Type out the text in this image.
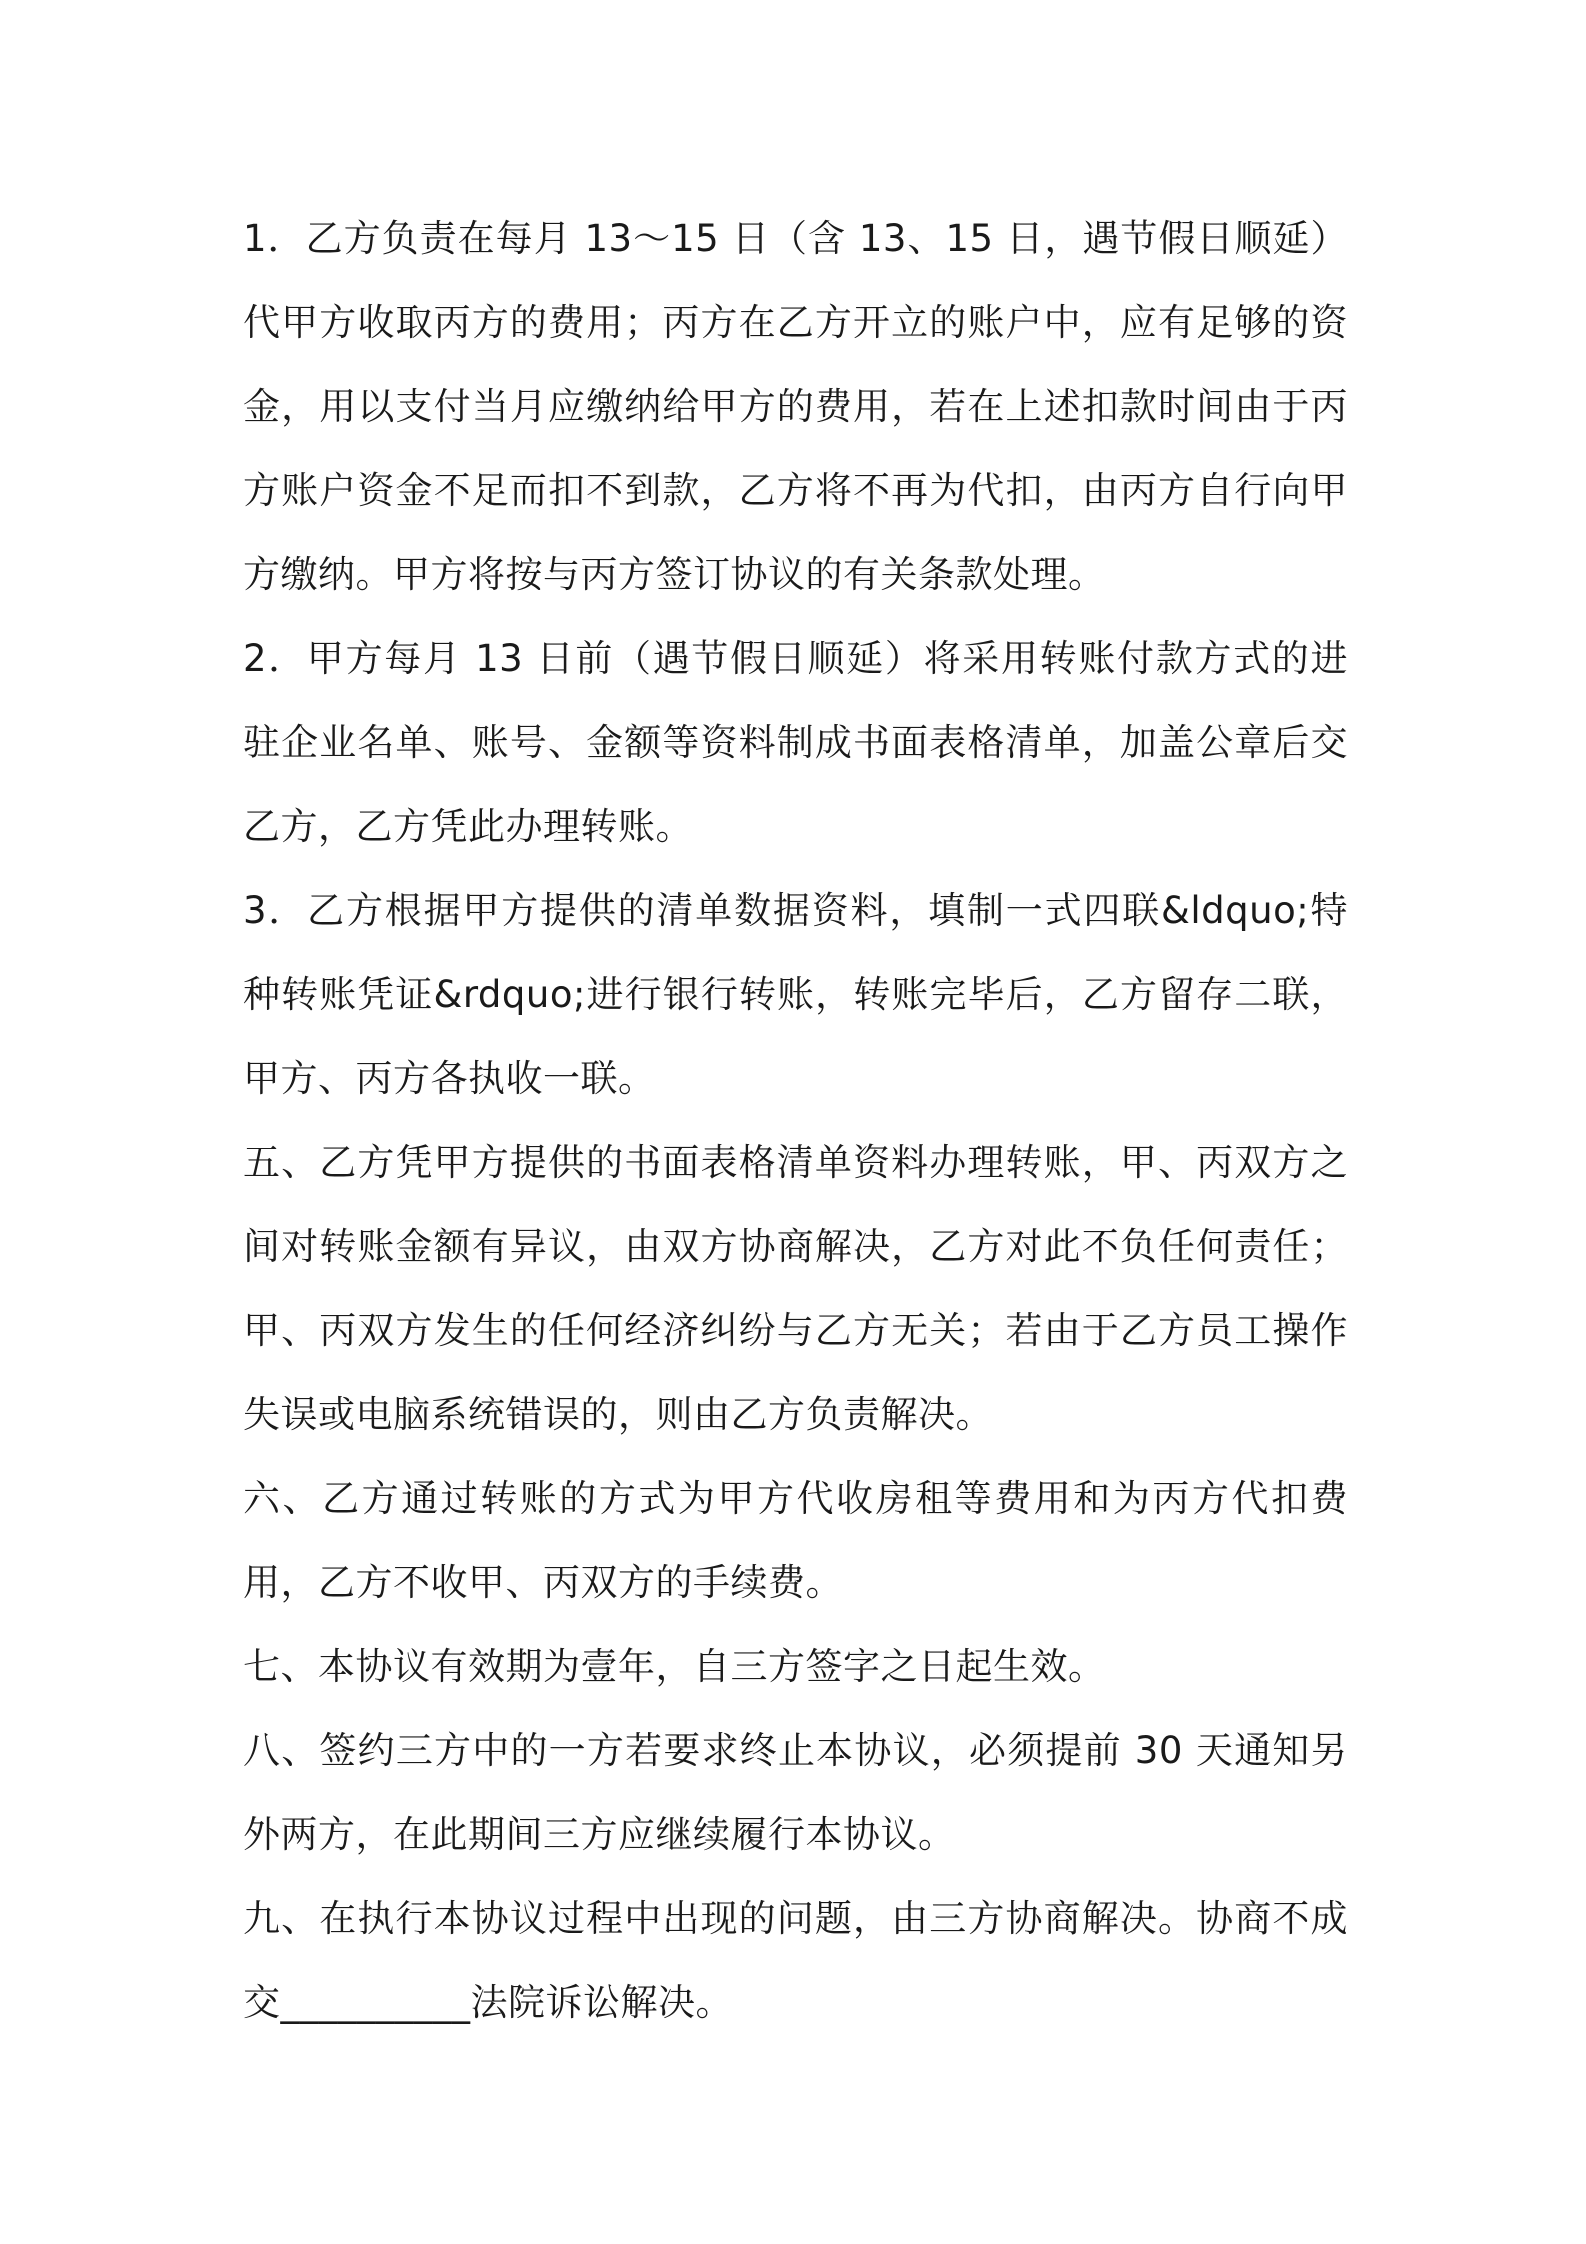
1．乙方负责在每月 13～15 日（含 13、15 日，遇节假日顺延）代甲方收取丙方的费用；丙方在乙方开立的账户中，应有足够的资金，用以支付当月应缴纳给甲方的费用，若在上述扣款时间由于丙方账户资金不足而扣不到款，乙方将不再为代扣，由丙方自行向甲方缴纳。甲方将按与丙方签订协议的有关条款处理。

2．甲方每月 13 日前（遇节假日顺延）将采用转账付款方式的进驻企业名单、账号、金额等资料制成书面表格清单，加盖公章后交乙方，乙方凭此办理转账。

3．乙方根据甲方提供的清单数据资料，填制一式四联&ldquo;特种转账凭证&rdquo;进行银行转账，转账完毕后，乙方留存二联，甲方、丙方各执收一联。

五、乙方凭甲方提供的书面表格清单资料办理转账，甲、丙双方之间对转账金额有异议，由双方协商解决，乙方对此不负任何责任；甲、丙双方发生的任何经济纠纷与乙方无关；若由于乙方员工操作失误或电脑系统错误的，则由乙方负责解决。

六、乙方通过转账的方式为甲方代收房租等费用和为丙方代扣费用，乙方不收甲、丙双方的手续费。

七、本协议有效期为壹年，自三方签字之日起生效。

八、签约三方中的一方若要求终止本协议，必须提前 30 天通知另外两方，在此期间三方应继续履行本协议。

九、在执行本协议过程中出现的问题，由三方协商解决。协商不成交__________法院诉讼解决。
